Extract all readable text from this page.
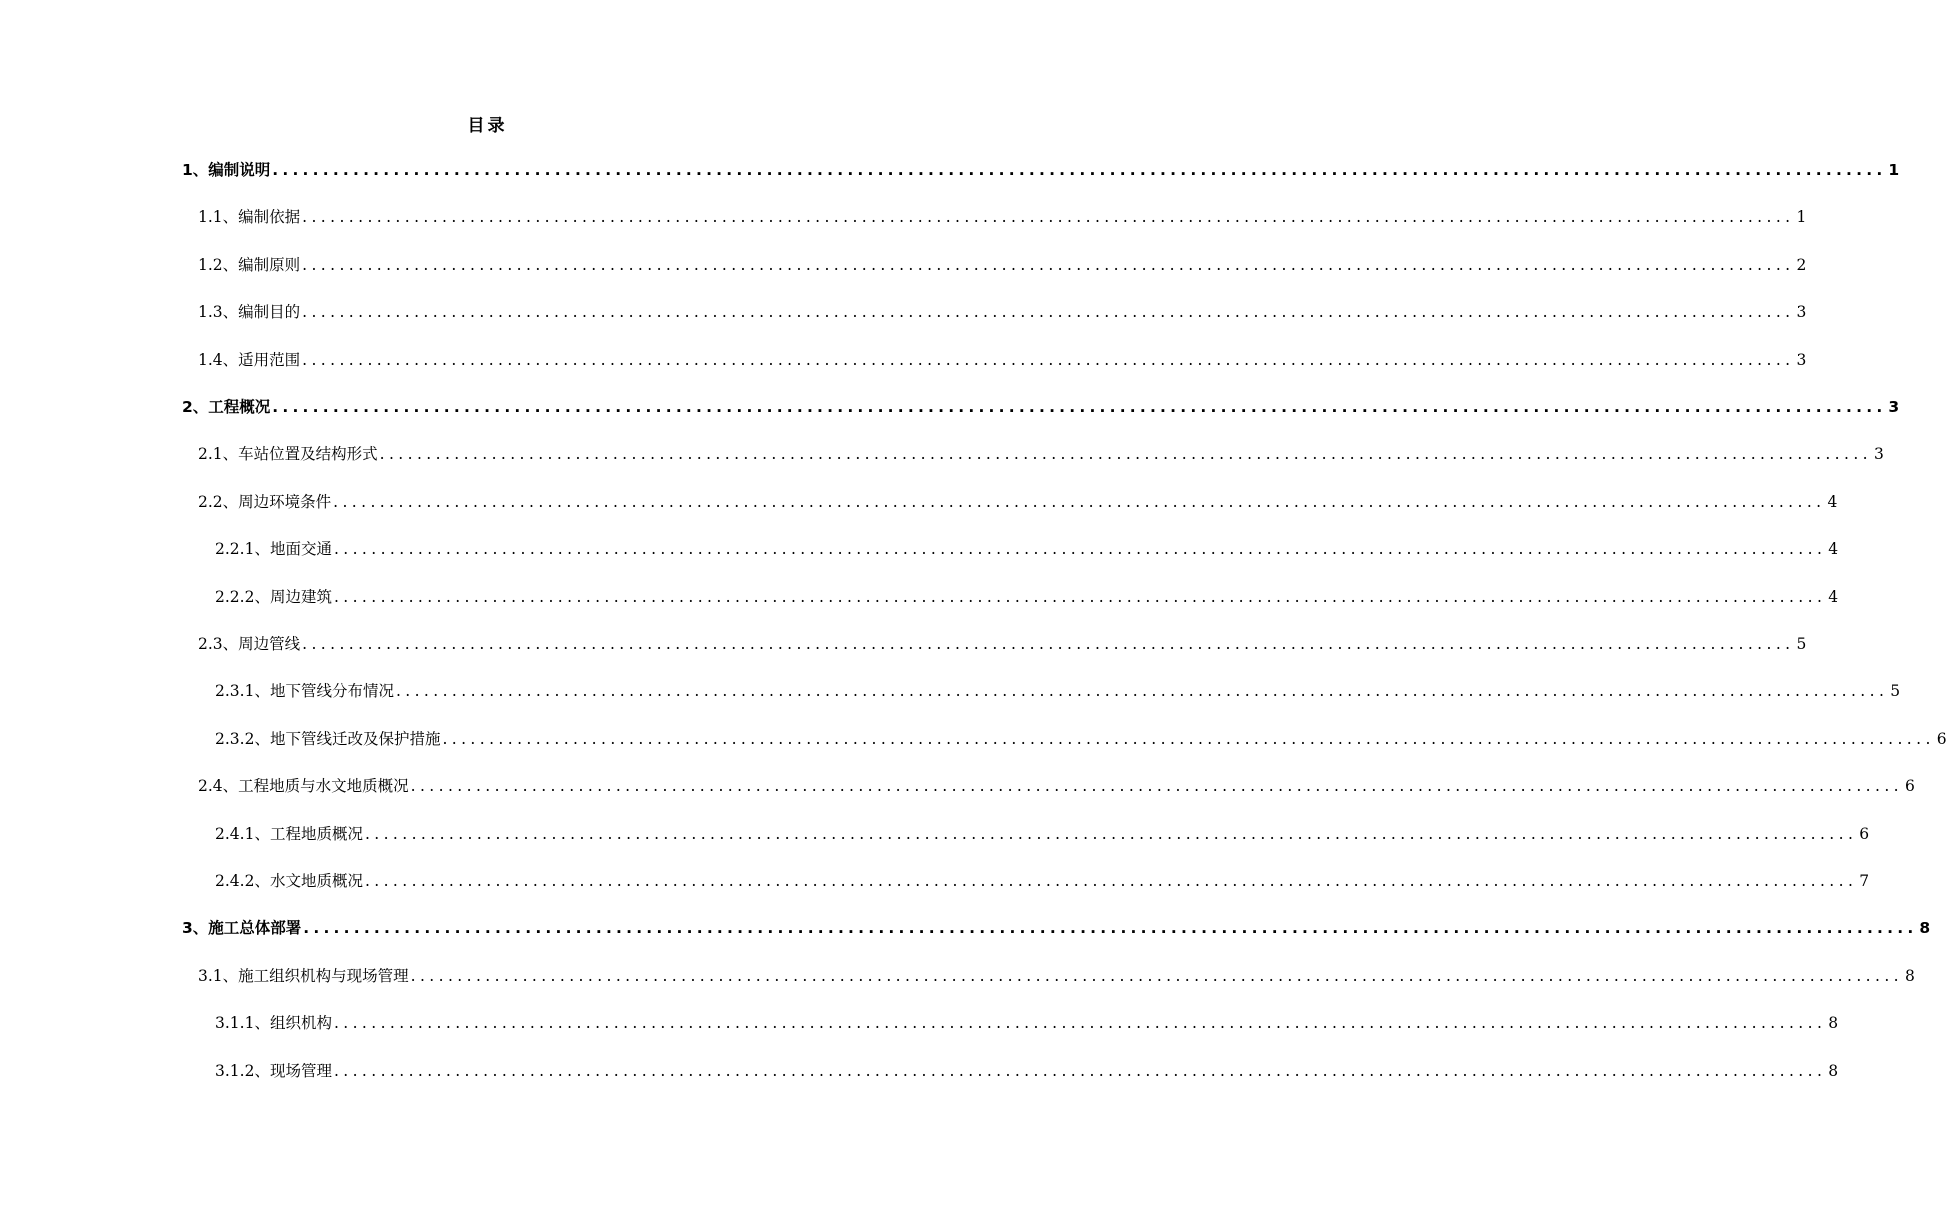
目录
1、编制说明 ................................................................................................................................................................ 1
1.1、编制依据 ................................................................................................................................................................ 1
1.2、编制原则 ................................................................................................................................................................ 2
1.3、编制目的 ................................................................................................................................................................ 3
1.4、适用范围 ................................................................................................................................................................ 3
2、工程概况 ................................................................................................................................................................ 3
2.1、车站位置及结构形式 ................................................................................................................................................................ 3
2.2、周边环境条件 ................................................................................................................................................................ 4
2.2.1、地面交通 ................................................................................................................................................................ 4
2.2.2、周边建筑 ................................................................................................................................................................ 4
2.3、周边管线 ................................................................................................................................................................ 5
2.3.1、地下管线分布情况 ................................................................................................................................................................ 5
2.3.2、地下管线迁改及保护措施 ................................................................................................................................................................ 6
2.4、工程地质与水文地质概况 ................................................................................................................................................................ 6
2.4.1、工程地质概况 ................................................................................................................................................................ 6
2.4.2、水文地质概况 ................................................................................................................................................................ 7
3、施工总体部署 ................................................................................................................................................................ 8
3.1、施工组织机构与现场管理 ................................................................................................................................................................ 8
3.1.1、组织机构 ................................................................................................................................................................ 8
3.1.2、现场管理 ................................................................................................................................................................ 8
